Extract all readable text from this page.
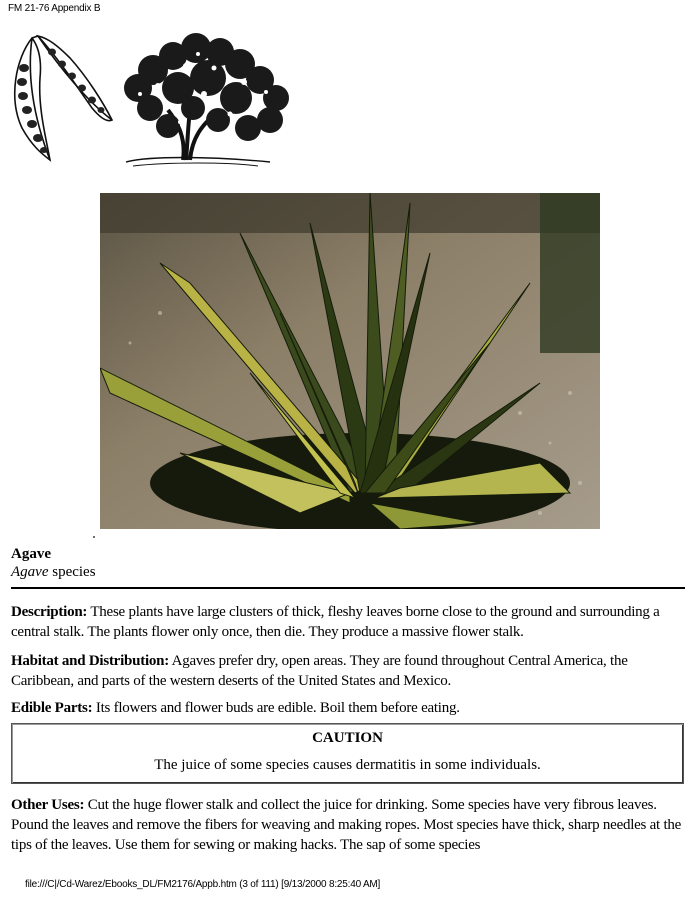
FM 21-76 Appendix B
Agave
Agave species
Description: These plants have large clusters of thick, fleshy leaves borne close to the ground and surrounding a central stalk. The plants flower only once, then die. They produce a massive flower stalk.
Habitat and Distribution: Agaves prefer dry, open areas. They are found throughout Central America, the Caribbean, and parts of the western deserts of the United States and Mexico.
Edible Parts: Its flowers and flower buds are edible. Boil them before eating.
CAUTION
The juice of some species causes dermatitis in some individuals.
Other Uses: Cut the huge flower stalk and collect the juice for drinking. Some species have very fibrous leaves. Pound the leaves and remove the fibers for weaving and making ropes. Most species have thick, sharp needles at the tips of the leaves. Use them for sewing or making hacks. The sap of some species
file:///C|/Cd-Warez/Ebooks_DL/FM2176/Appb.htm (3 of 111) [9/13/2000 8:25:40 AM]
